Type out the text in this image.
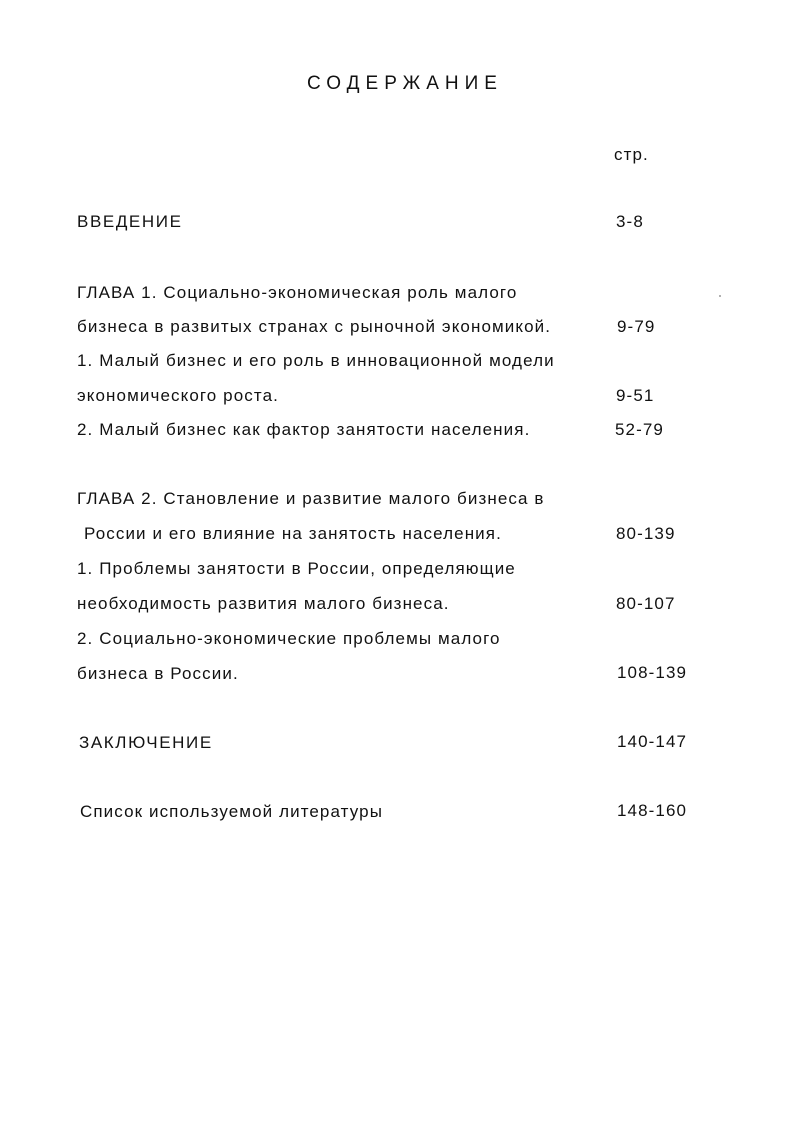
СОДЕРЖАНИЕ
стр.
ВВЕДЕНИЕ	3-8
ГЛАВА 1. Социально-экономическая роль малого
бизнеса в развитых странах с рыночной экономикой.	9-79
1. Малый бизнес и его роль в инновационной модели
экономического роста.	9-51
2. Малый бизнес как фактор занятости населения.	52-79
ГЛАВА 2. Становление и развитие малого бизнеса в
России и его влияние на занятость населения.	80-139
1. Проблемы занятости в России, определяющие
необходимость развития малого бизнеса.	80-107
2. Социально-экономические проблемы малого
бизнеса в России.	108-139
ЗАКЛЮЧЕНИЕ	140-147
Список используемой литературы	148-160
